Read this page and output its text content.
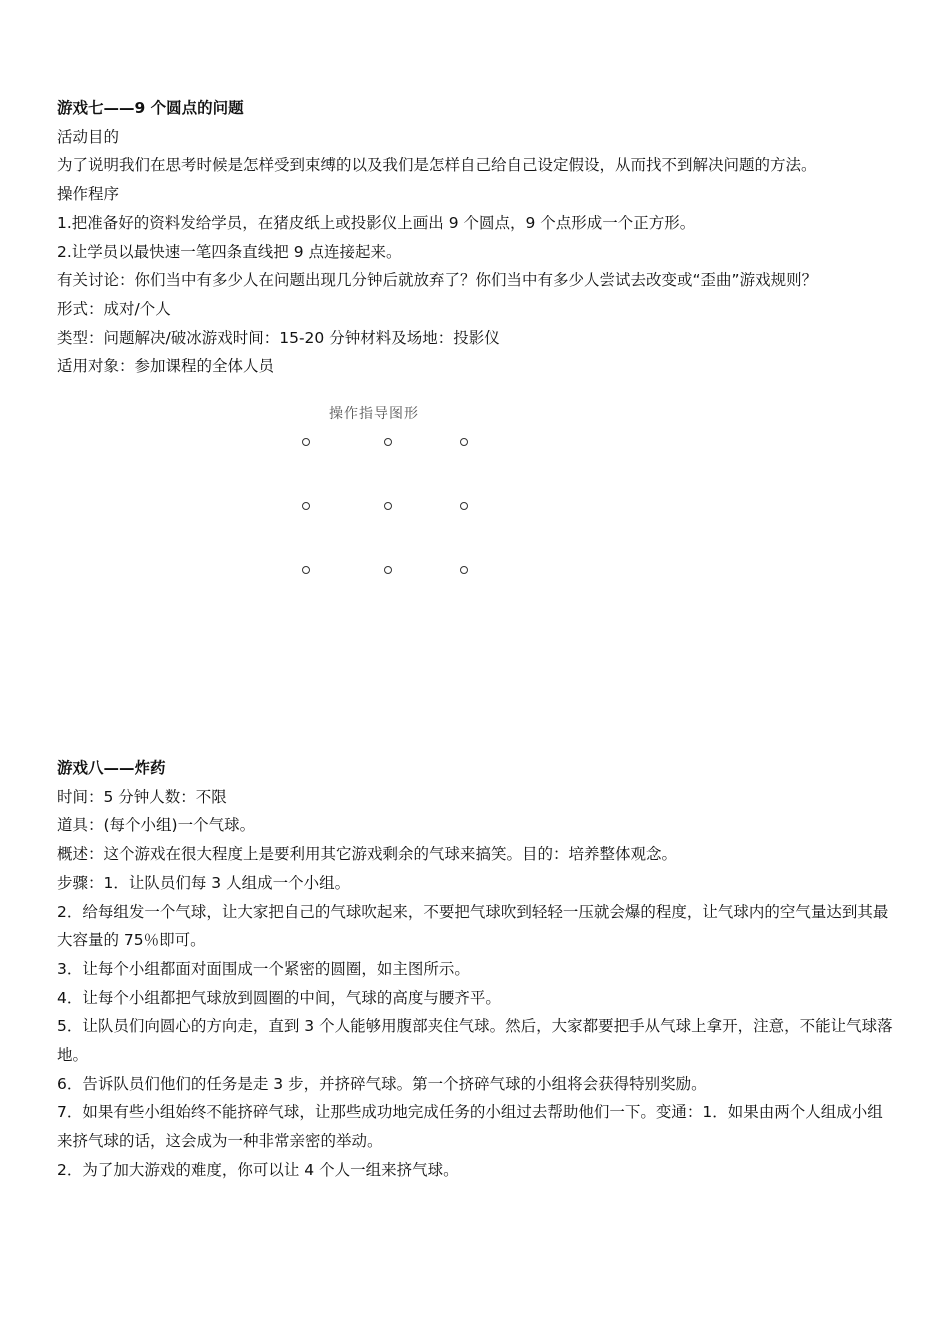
游戏七——9 个圆点的问题
活动目的
为了说明我们在思考时候是怎样受到束缚的以及我们是怎样自己给自己设定假设，从而找不到解决问题的方法。
操作程序
1.把准备好的资料发给学员，在猪皮纸上或投影仪上画出 9 个圆点，9 个点形成一个正方形。
2.让学员以最快速一笔四条直线把 9 点连接起来。
有关讨论：你们当中有多少人在问题出现几分钟后就放弃了？你们当中有多少人尝试去改变或“歪曲”游戏规则？
形式：成对/个人
类型：问题解决/破冰游戏时间：15-20 分钟材料及场地：投影仪
适用对象：参加课程的全体人员
操作指导图形
游戏八——炸药
时间：5 分钟人数：不限
道具：(每个小组)一个气球。
概述：这个游戏在很大程度上是要利用其它游戏剩余的气球来搞笑。目的：培养整体观念。
步骤：1．让队员们每 3 人组成一个小组。
2．给每组发一个气球，让大家把自己的气球吹起来，不要把气球吹到轻轻一压就会爆的程度，让气球内的空气量达到其最大容量的 75％即可。
3．让每个小组都面对面围成一个紧密的圆圈，如主图所示。
4．让每个小组都把气球放到圆圈的中间，气球的高度与腰齐平。
5．让队员们向圆心的方向走，直到 3 个人能够用腹部夹住气球。然后，大家都要把手从气球上拿开，注意，不能让气球落地。
6．告诉队员们他们的任务是走 3 步，并挤碎气球。第一个挤碎气球的小组将会获得特别奖励。
7．如果有些小组始终不能挤碎气球，让那些成功地完成任务的小组过去帮助他们一下。变通：1．如果由两个人组成小组来挤气球的话，这会成为一种非常亲密的举动。
2．为了加大游戏的难度，你可以让 4 个人一组来挤气球。
